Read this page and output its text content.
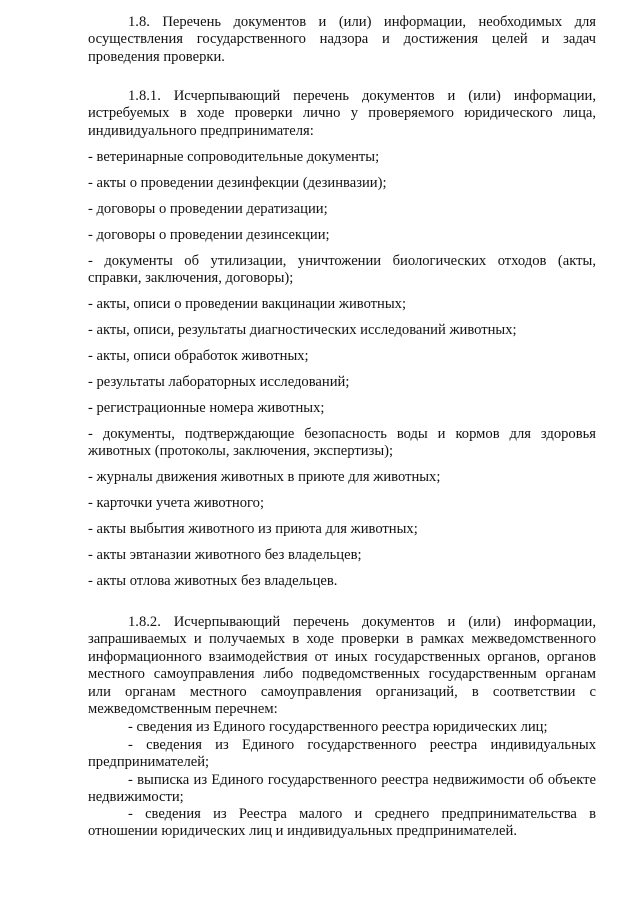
1.8. Перечень документов и (или) информации, необходимых для осуществления государственного надзора и достижения целей и задач проведения проверки.
1.8.1. Исчерпывающий перечень документов и (или) информации, истребуемых в ходе проверки лично у проверяемого юридического лица, индивидуального предпринимателя:
- ветеринарные сопроводительные документы;
- акты о проведении дезинфекции (дезинвазии);
- договоры о проведении дератизации;
- договоры о проведении дезинсекции;
- документы об утилизации, уничтожении биологических отходов (акты, справки, заключения, договоры);
- акты, описи о проведении вакцинации животных;
- акты, описи, результаты диагностических исследований животных;
- акты, описи обработок животных;
- результаты лабораторных исследований;
- регистрационные номера животных;
- документы, подтверждающие безопасность воды и кормов для здоровья животных (протоколы, заключения, экспертизы);
- журналы движения животных в приюте для животных;
- карточки учета животного;
- акты выбытия животного из приюта для животных;
- акты эвтаназии животного без владельцев;
- акты отлова животных без владельцев.
1.8.2. Исчерпывающий перечень документов и (или) информации, запрашиваемых и получаемых в ходе проверки в рамках межведомственного информационного взаимодействия от иных государственных органов, органов местного самоуправления либо подведомственных государственным органам или органам местного самоуправления организаций, в соответствии с межведомственным перечнем:
- сведения из Единого государственного реестра юридических лиц;
- сведения из Единого государственного реестра индивидуальных предпринимателей;
- выписка из Единого государственного реестра недвижимости об объекте недвижимости;
- сведения из Реестра малого и среднего предпринимательства в отношении юридических лиц и индивидуальных предпринимателей.
